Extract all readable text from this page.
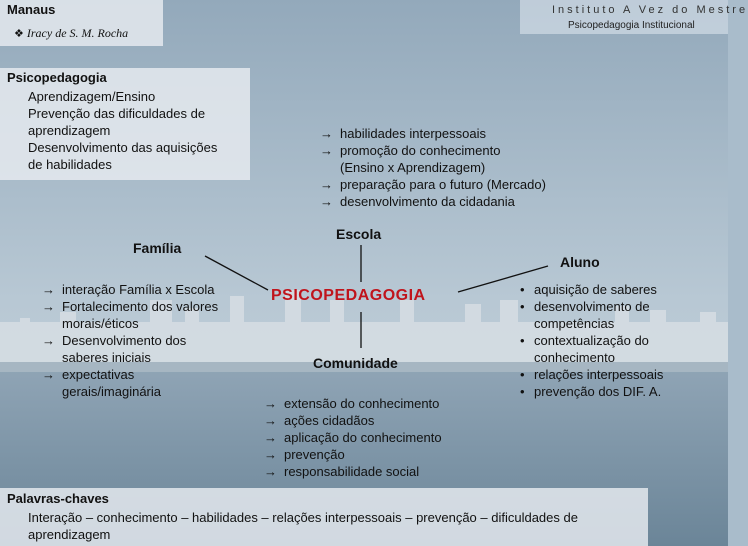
Manaus
❖ Iracy de S. M. Rocha
Instituto A Vez do Mestre
Psicopedagogia Institucional
Psicopedagogia
Aprendizagem/Ensino
Prevenção das dificuldades de
aprendizagem
Desenvolvimento das aquisições
de habilidades
→ habilidades interpessoais
→ promoção do conhecimento
(Ensino x Aprendizagem)
→ preparação para o futuro (Mercado)
→ desenvolvimento da cidadania
Escola
Família
→ interação Família x Escola
→ Fortalecimento dos valores
morais/éticos
→ Desenvolvimento dos
saberes iniciais
→ expectativas
gerais/imaginária
PSICOPEDAGOGIA
Aluno
• aquisição de saberes
• desenvolvimento de
competências
• contextualização do
conhecimento
• relações interpessoais
• prevenção dos DIF. A.
Comunidade
→ extensão do conhecimento
→ ações cidadãos
→ aplicação do conhecimento
→ prevenção
→ responsabilidade social
Palavras-chaves
Interação – conhecimento – habilidades – relações interpessoais – prevenção – dificuldades de aprendizagem
